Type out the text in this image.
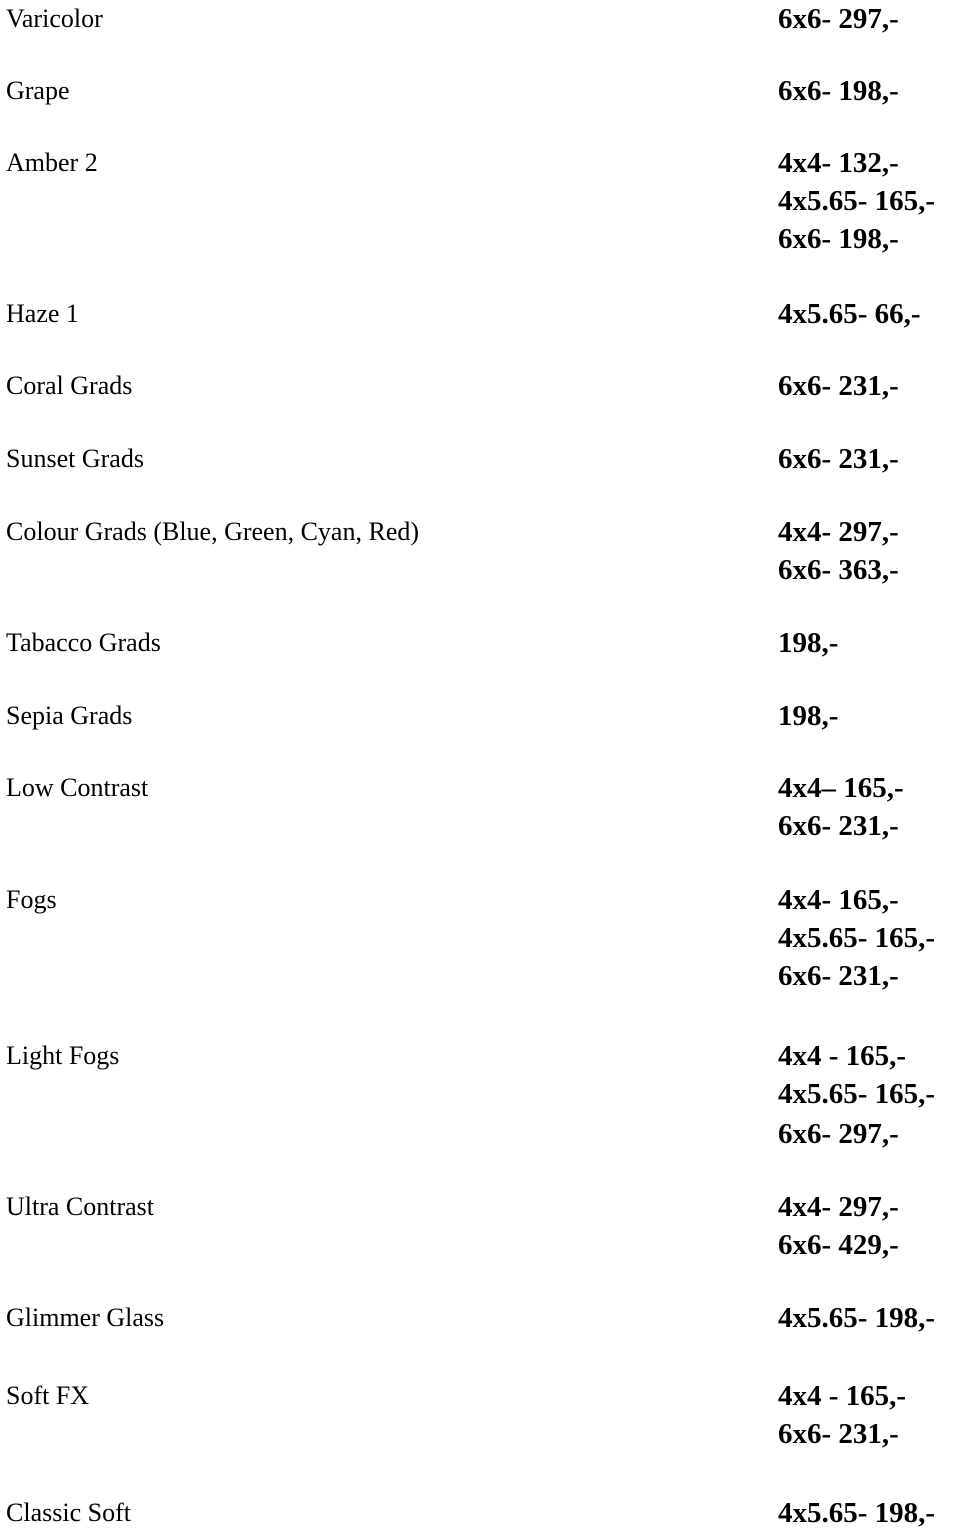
Varicolor	6x6- 297,-
Grape	6x6- 198,-
Amber 2	4x4- 132,-
4x5.65- 165,-
6x6- 198,-
Haze 1	4x5.65- 66,-
Coral Grads	6x6- 231,-
Sunset Grads	6x6- 231,-
Colour Grads (Blue, Green, Cyan, Red)	4x4- 297,-
6x6- 363,-
Tabacco Grads	198,-
Sepia Grads	198,-
Low Contrast	4x4– 165,-
6x6- 231,-
Fogs	4x4- 165,-
4x5.65- 165,-
6x6- 231,-
Light Fogs	4x4 - 165,-
4x5.65- 165,-
6x6- 297,-
Ultra Contrast	4x4- 297,-
6x6- 429,-
Glimmer Glass	4x5.65- 198,-
Soft FX	4x4 - 165,-
6x6- 231,-
Classic Soft	4x5.65- 198,-
